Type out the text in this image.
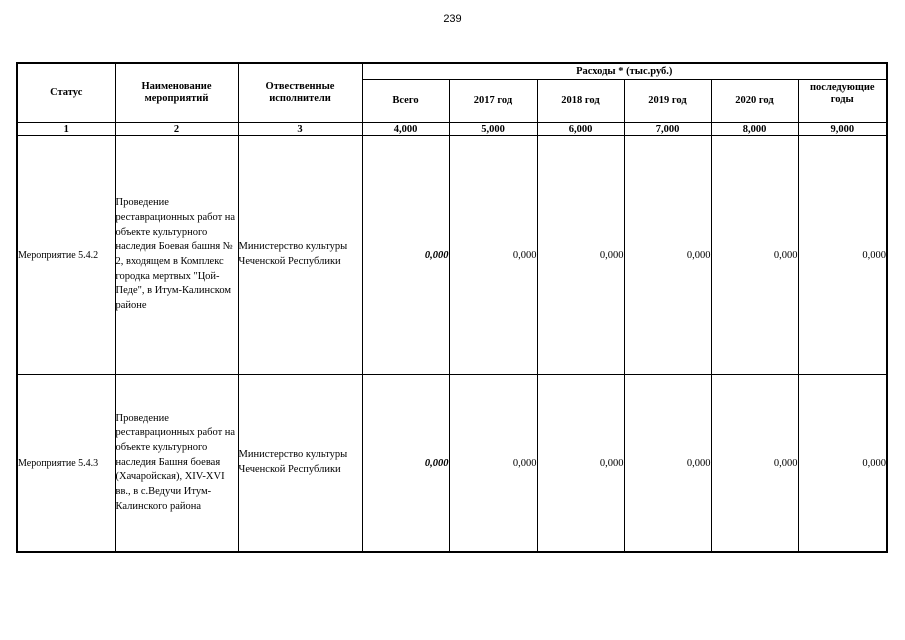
239
Статус	Наименование мероприятий	Отвественные исполнители	Расходы * (тыс.руб.)					
			Всего	2017 год	2018 год	2019 год	2020 год	последующие годы

1	2	3	4,000	5,000	6,000	7,000	8,000	9,000
Мероприятие 5.4.2	Проведение реставрационных работ на объекте культурного наследия Боевая башня № 2, входящем в Комплекс городка мертвых "Цой- Педе", в Итум-Калинском районе	Министерство культуры Чеченской Республики	0,000	0,000	0,000	0,000	0,000	0,000
Мероприятие 5.4.3	Проведение реставрационных работ на объекте культурного наследия Башня боевая (Хачаройская), XIV-XVI вв., в с.Ведучи Итум-Калинского района	Министерство культуры Чеченской Республики	0,000	0,000	0,000	0,000	0,000	0,000
